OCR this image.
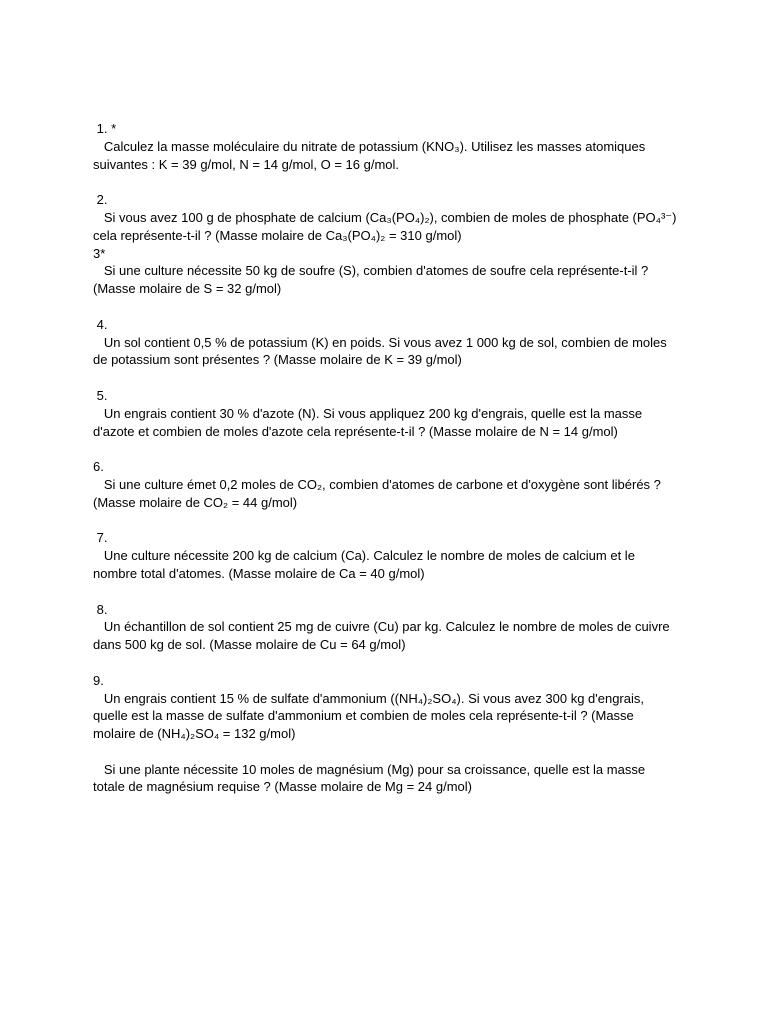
1. *
Calculez la masse moléculaire du nitrate de potassium (KNO₃). Utilisez les masses atomiques suivantes : K = 39 g/mol, N = 14 g/mol, O = 16 g/mol.
2.
Si vous avez 100 g de phosphate de calcium (Ca₃(PO₄)₂), combien de moles de phosphate (PO₄³⁻) cela représente-t-il ? (Masse molaire de Ca₃(PO₄)₂ = 310 g/mol)
3*
Si une culture nécessite 50 kg de soufre (S), combien d'atomes de soufre cela représente-t-il ? (Masse molaire de S = 32 g/mol)
4.
Un sol contient 0,5 % de potassium (K) en poids. Si vous avez 1 000 kg de sol, combien de moles de potassium sont présentes ? (Masse molaire de K = 39 g/mol)
5.
Un engrais contient 30 % d'azote (N). Si vous appliquez 200 kg d'engrais, quelle est la masse d'azote et combien de moles d'azote cela représente-t-il ? (Masse molaire de N = 14 g/mol)
6.
Si une culture émet 0,2 moles de CO₂, combien d'atomes de carbone et d'oxygène sont libérés ? (Masse molaire de CO₂ = 44 g/mol)
7.
Une culture nécessite 200 kg de calcium (Ca). Calculez le nombre de moles de calcium et le nombre total d'atomes. (Masse molaire de Ca = 40 g/mol)
8.
Un échantillon de sol contient 25 mg de cuivre (Cu) par kg. Calculez le nombre de moles de cuivre dans 500 kg de sol. (Masse molaire de Cu = 64 g/mol)
9.
Un engrais contient 15 % de sulfate d'ammonium ((NH₄)₂SO₄). Si vous avez 300 kg d'engrais, quelle est la masse de sulfate d'ammonium et combien de moles cela représente-t-il ? (Masse molaire de (NH₄)₂SO₄ = 132 g/mol)
Si une plante nécessite 10 moles de magnésium (Mg) pour sa croissance, quelle est la masse totale de magnésium requise ? (Masse molaire de Mg = 24 g/mol)
